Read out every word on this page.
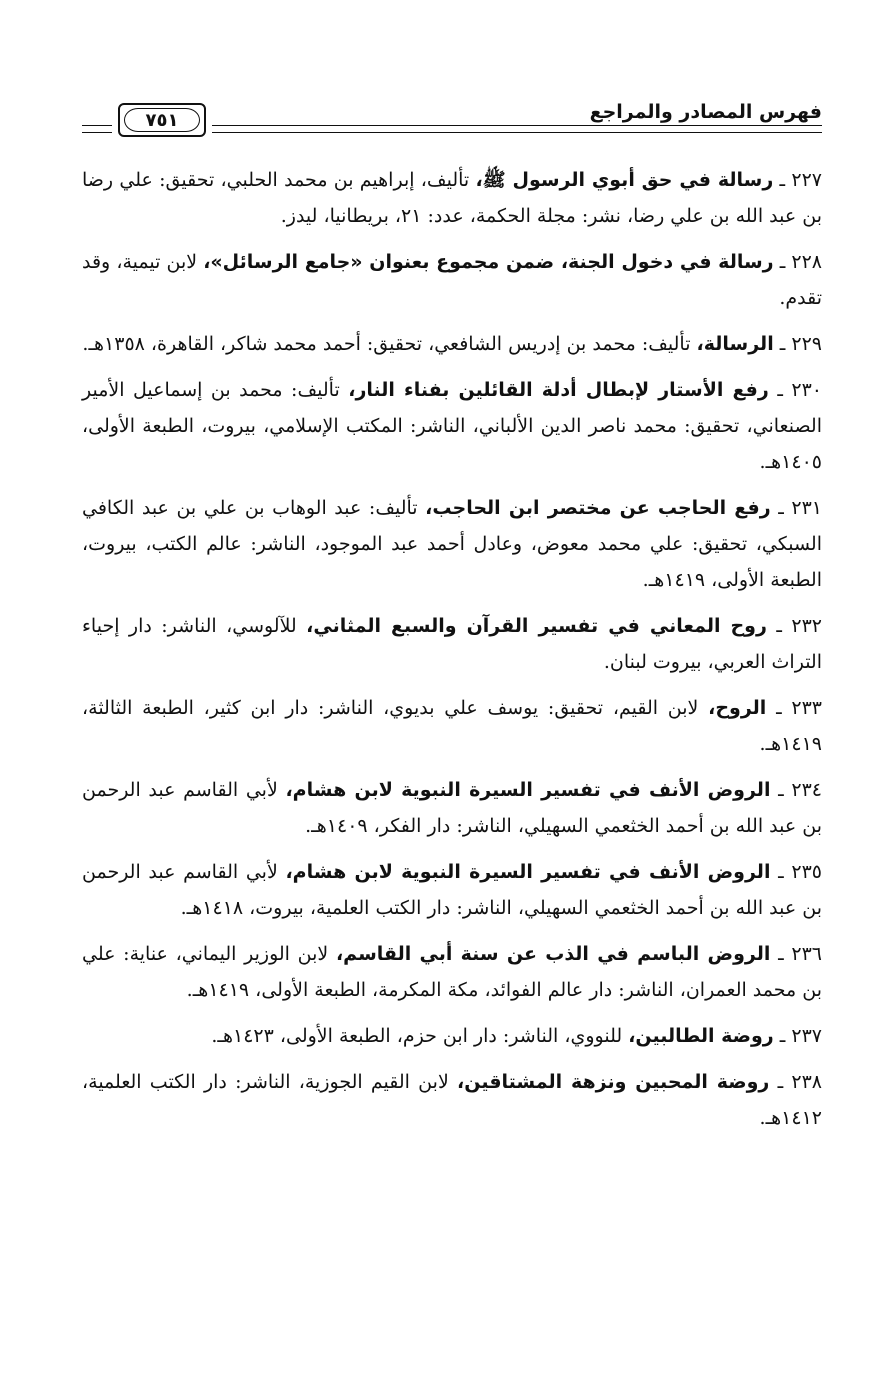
فهرس المصادر والمراجع
٧٥١

٢٢٧ ـ رسالة في حق أبوي الرسول ﷺ، تأليف، إبراهيم بن محمد الحلبي، تحقيق: علي رضا بن عبد الله بن علي رضا، نشر: مجلة الحكمة، عدد: ٢١، بريطانيا، ليدز.

٢٢٨ ـ رسالة في دخول الجنة، ضمن مجموع بعنوان «جامع الرسائل»، لابن تيمية، وقد تقدم.

٢٢٩ ـ الرسالة، تأليف: محمد بن إدريس الشافعي، تحقيق: أحمد محمد شاكر، القاهرة، ١٣٥٨هـ.

٢٣٠ ـ رفع الأستار لإبطال أدلة القائلين بفناء النار، تأليف: محمد بن إسماعيل الأمير الصنعاني، تحقيق: محمد ناصر الدين الألباني، الناشر: المكتب الإسلامي، بيروت، الطبعة الأولى، ١٤٠٥هـ.

٢٣١ ـ رفع الحاجب عن مختصر ابن الحاجب، تأليف: عبد الوهاب بن علي بن عبد الكافي السبكي، تحقيق: علي محمد معوض، وعادل أحمد عبد الموجود، الناشر: عالم الكتب، بيروت، الطبعة الأولى، ١٤١٩هـ.

٢٣٢ ـ روح المعاني في تفسير القرآن والسبع المثاني، للآلوسي، الناشر: دار إحياء التراث العربي، بيروت لبنان.

٢٣٣ ـ الروح، لابن القيم، تحقيق: يوسف علي بديوي، الناشر: دار ابن كثير، الطبعة الثالثة، ١٤١٩هـ.

٢٣٤ ـ الروض الأنف في تفسير السيرة النبوية لابن هشام، لأبي القاسم عبد الرحمن بن عبد الله بن أحمد الخثعمي السهيلي، الناشر: دار الفكر، ١٤٠٩هـ.

٢٣٥ ـ الروض الأنف في تفسير السيرة النبوية لابن هشام، لأبي القاسم عبد الرحمن بن عبد الله بن أحمد الخثعمي السهيلي، الناشر: دار الكتب العلمية، بيروت، ١٤١٨هـ.

٢٣٦ ـ الروض الباسم في الذب عن سنة أبي القاسم، لابن الوزير اليماني، عناية: علي بن محمد العمران، الناشر: دار عالم الفوائد، مكة المكرمة، الطبعة الأولى، ١٤١٩هـ.

٢٣٧ ـ روضة الطالبين، للنووي، الناشر: دار ابن حزم، الطبعة الأولى، ١٤٢٣هـ.

٢٣٨ ـ روضة المحبين ونزهة المشتاقين، لابن القيم الجوزية، الناشر: دار الكتب العلمية، ١٤١٢هـ.
